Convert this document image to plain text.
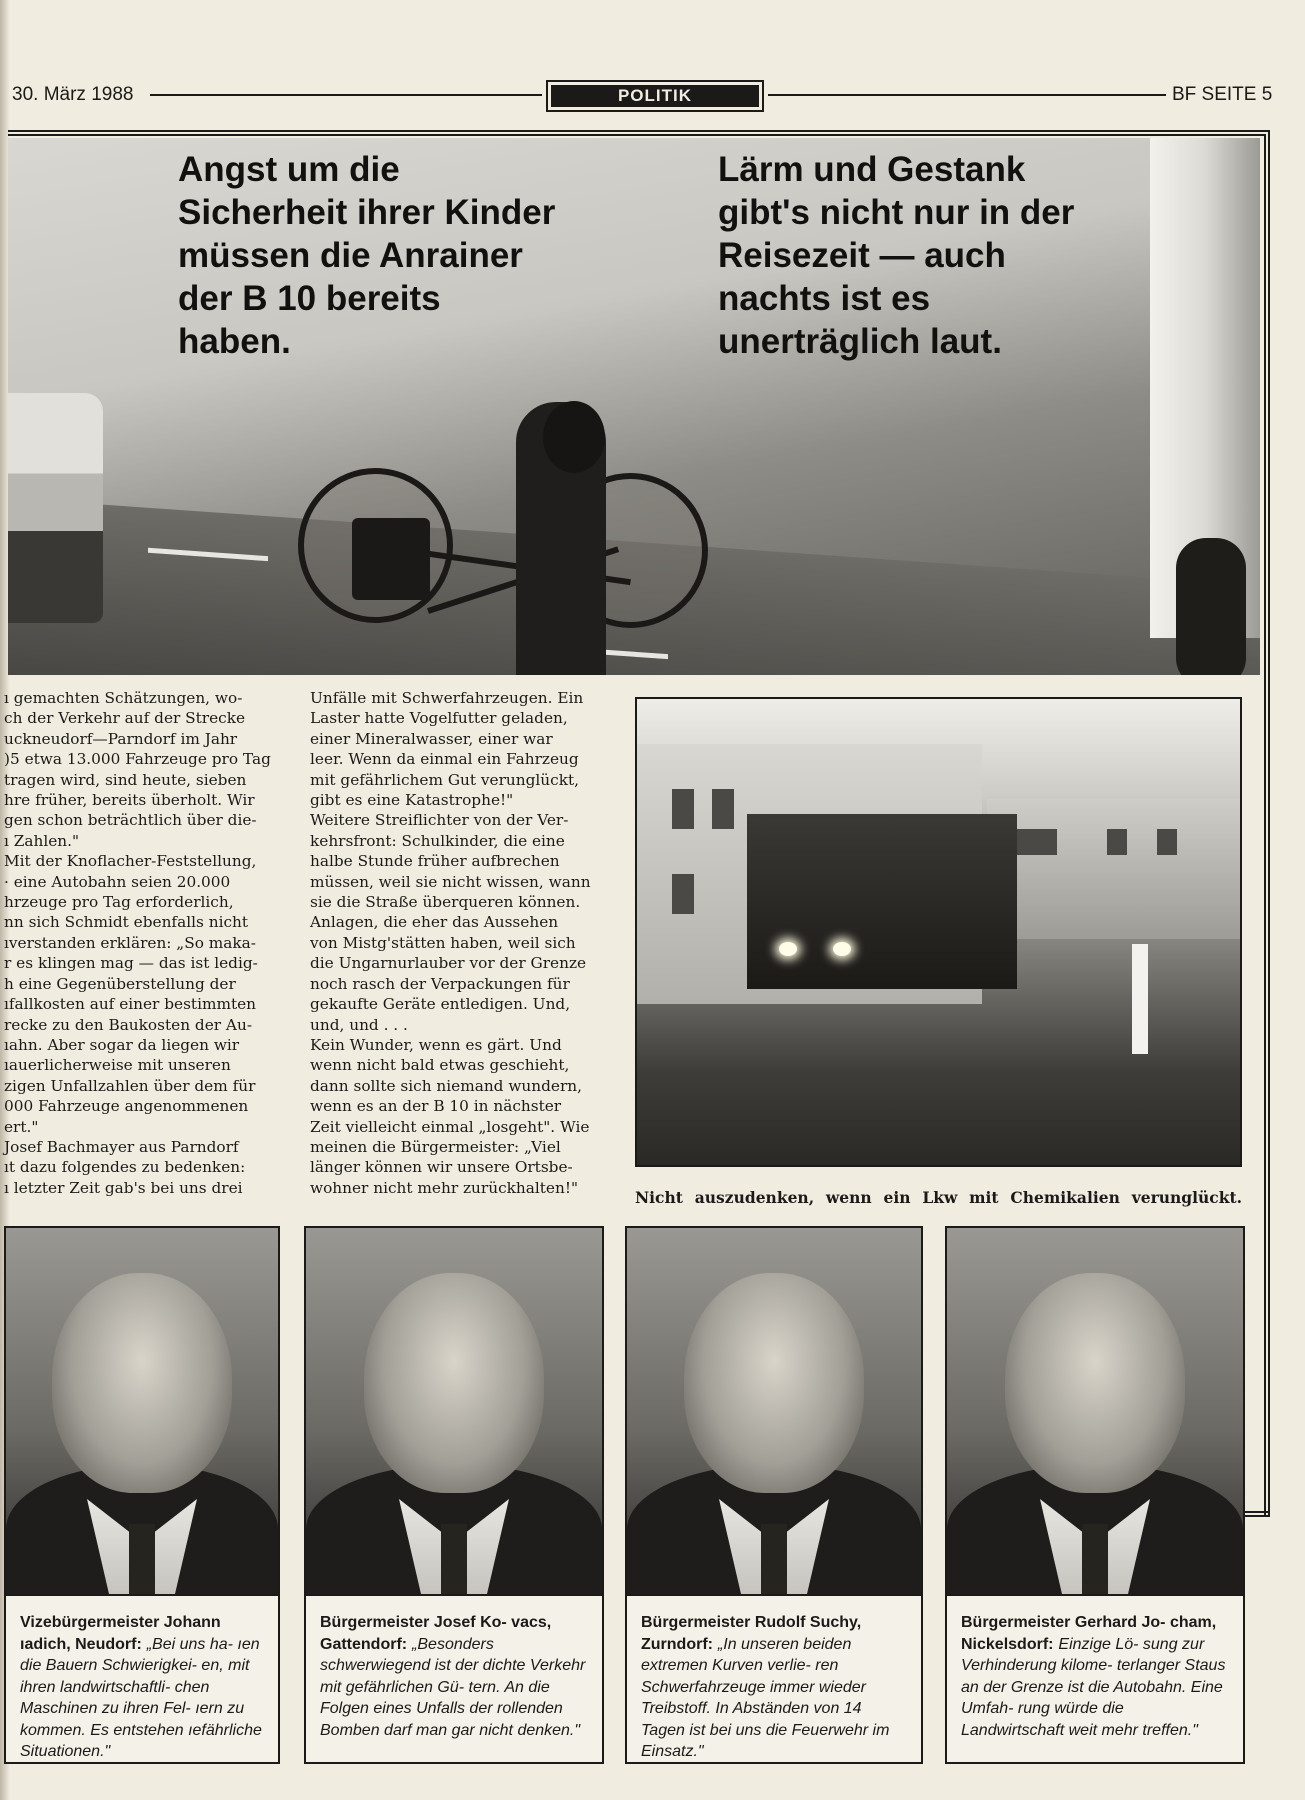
30. März 1988	POLITIK	BF SEITE 5
Angst um die Sicherheit ihrer Kinder müssen die Anrainer der B 10 bereits haben.
Lärm und Gestank gibt's nicht nur in der Reisezeit — auch nachts ist es unerträglich laut.
ı gemachten Schätzungen, wo-
ch der Verkehr auf der Strecke
uckneudorf—Parndorf im Jahr
)5 etwa 13.000 Fahrzeuge pro Tag
tragen wird, sind heute, sieben
hre früher, bereits überholt. Wir
gen schon beträchtlich über die-
ı Zahlen."
Mit der Knoflacher-Feststellung,
· eine Autobahn seien 20.000
hrzeuge pro Tag erforderlich,
nn sich Schmidt ebenfalls nicht
ıverstanden erklären: „So maka-
r es klingen mag — das ist ledig-
h eine Gegenüberstellung der
ıfallkosten auf einer bestimmten
recke zu den Baukosten der Au-
ıahn. Aber sogar da liegen wir
ıauerlicherweise mit unseren
zigen Unfallzahlen über dem für
000 Fahrzeuge angenommenen
ert."
Josef Bachmayer aus Parndorf
ıt dazu folgendes zu bedenken:
ı letzter Zeit gab's bei uns drei
Unfälle mit Schwerfahrzeugen. Ein
Laster hatte Vogelfutter geladen,
einer Mineralwasser, einer war
leer. Wenn da einmal ein Fahrzeug
mit gefährlichem Gut verunglückt,
gibt es eine Katastrophe!"
Weitere Streiflichter von der Ver-
kehrsfront: Schulkinder, die eine
halbe Stunde früher aufbrechen
müssen, weil sie nicht wissen, wann
sie die Straße überqueren können.
Anlagen, die eher das Aussehen
von Mistg'stätten haben, weil sich
die Ungarnurlauber vor der Grenze
noch rasch der Verpackungen für
gekaufte Geräte entledigen. Und,
und, und . . .
Kein Wunder, wenn es gärt. Und
wenn nicht bald etwas geschieht,
dann sollte sich niemand wundern,
wenn es an der B 10 in nächster
Zeit vielleicht einmal „losgeht". Wie
meinen die Bürgermeister: „Viel
länger können wir unsere Ortsbe-
wohner nicht mehr zurückhalten!"
Nicht auszudenken, wenn ein Lkw mit Chemikalien verunglückt.
Vizebürgermeister Johann ıadich, Neudorf: „Bei uns ha- ıen die Bauern Schwierigkei- en, mit ihren landwirtschaftli- chen Maschinen zu ihren Fel- ıern zu kommen. Es entstehen ıefährliche Situationen."
Bürgermeister Josef Ko- vacs, Gattendorf: „Besonders schwerwiegend ist der dichte Verkehr mit gefährlichen Gü- tern. An die Folgen eines Unfalls der rollenden Bomben darf man gar nicht denken."
Bürgermeister Rudolf Suchy, Zurndorf: „In unseren beiden extremen Kurven verlie- ren Schwerfahrzeuge immer wieder Treibstoff. In Abständen von 14 Tagen ist bei uns die Feuerwehr im Einsatz."
Bürgermeister Gerhard Jo- cham, Nickelsdorf: Einzige Lö- sung zur Verhinderung kilome- terlanger Staus an der Grenze ist die Autobahn. Eine Umfah- rung würde die Landwirtschaft weit mehr treffen."
